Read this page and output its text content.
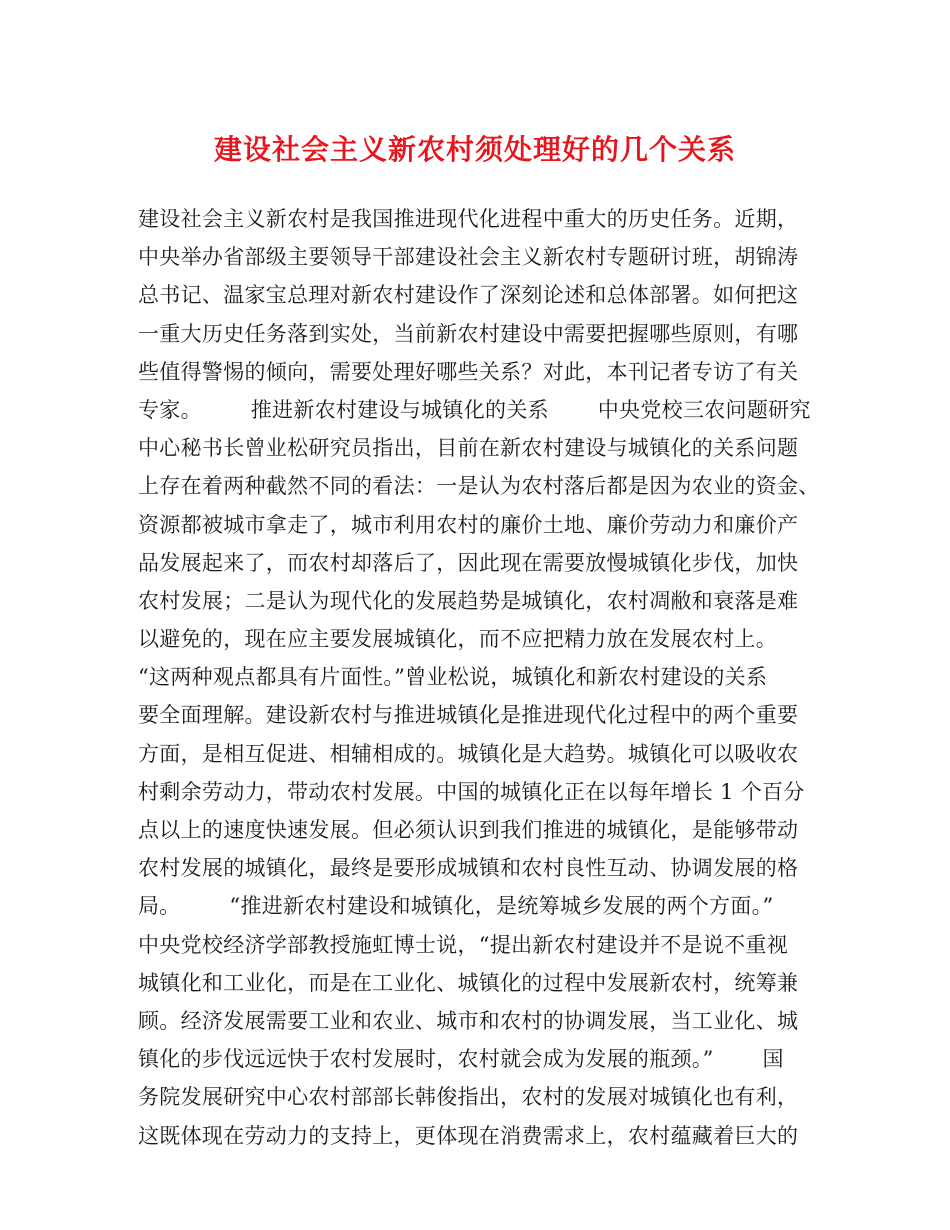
建设社会主义新农村须处理好的几个关系
建设社会主义新农村是我国推进现代化进程中重大的历史任务。近期，
中央举办省部级主要领导干部建设社会主义新农村专题研讨班，胡锦涛
总书记、温家宝总理对新农村建设作了深刻论述和总体部署。如何把这
一重大历史任务落到实处，当前新农村建设中需要把握哪些原则，有哪
些值得警惕的倾向，需要处理好哪些关系？对此，本刊记者专访了有关
专家。       推进新农村建设与城镇化的关系       中央党校三农问题研究
中心秘书长曾业松研究员指出，目前在新农村建设与城镇化的关系问题
上存在着两种截然不同的看法：一是认为农村落后都是因为农业的资金、
资源都被城市拿走了，城市利用农村的廉价土地、廉价劳动力和廉价产
品发展起来了，而农村却落后了，因此现在需要放慢城镇化步伐，加快
农村发展；二是认为现代化的发展趋势是城镇化，农村凋敝和衰落是难
以避免的，现在应主要发展城镇化，而不应把精力放在发展农村上。
“这两种观点都具有片面性。”曾业松说，城镇化和新农村建设的关系
要全面理解。建设新农村与推进城镇化是推进现代化过程中的两个重要
方面，是相互促进、相辅相成的。城镇化是大趋势。城镇化可以吸收农
村剩余劳动力，带动农村发展。中国的城镇化正在以每年增长 1 个百分
点以上的速度快速发展。但必须认识到我们推进的城镇化，是能够带动
农村发展的城镇化，最终是要形成城镇和农村良性互动、协调发展的格
局。       “推进新农村建设和城镇化，是统筹城乡发展的两个方面。”
中央党校经济学部教授施虹博士说，“提出新农村建设并不是说不重视
城镇化和工业化，而是在工业化、城镇化的过程中发展新农村，统筹兼
顾。经济发展需要工业和农业、城市和农村的协调发展，当工业化、城
镇化的步伐远远快于农村发展时，农村就会成为发展的瓶颈。”       国
务院发展研究中心农村部部长韩俊指出，农村的发展对城镇化也有利，
这既体现在劳动力的支持上，更体现在消费需求上，农村蕴藏着巨大的
